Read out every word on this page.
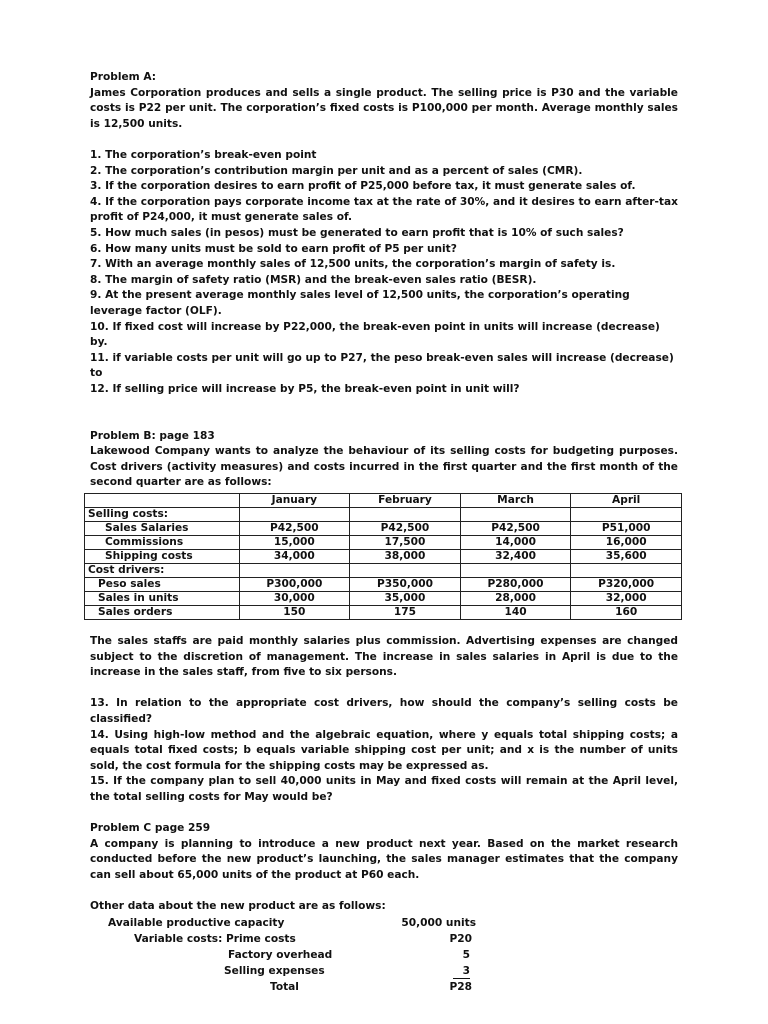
Problem A:

James Corporation produces and sells a single product. The selling price is P30 and the variable costs is P22 per unit. The corporation’s fixed costs is P100,000 per month. Average monthly sales is 12,500 units.

1. The corporation’s break-even point

2. The corporation’s contribution margin per unit and as a percent of sales (CMR).

3. If the corporation desires to earn profit of P25,000 before tax, it must generate sales of.

4. If the corporation pays corporate income tax at the rate of 30%, and it desires to earn after-tax profit of P24,000, it must generate sales of.

5. How much sales (in pesos) must be generated to earn profit that is 10% of such sales?

6. How many units must be sold to earn profit of P5 per unit?

7. With an average monthly sales of 12,500 units, the corporation’s margin of safety is.

8. The margin of safety ratio (MSR) and the break-even sales ratio (BESR).

9. At the present average monthly sales level of 12,500 units, the corporation’s operating leverage factor (OLF).

10. If fixed cost will increase by P22,000, the break-even point in units will increase (decrease) by.

11. if variable costs per unit will go up to P27, the peso break-even sales will increase (decrease) to

12. If selling price will increase by P5, the break-even point in unit will?

Problem B: page 183

Lakewood Company wants to analyze the behaviour of its selling costs for budgeting purposes. Cost drivers (activity measures) and costs incurred in the first quarter and the first month of the second quarter are as follows:

	January	February	March	April
Selling costs:				
Sales Salaries	P42,500	P42,500	P42,500	P51,000
Commissions	15,000	17,500	14,000	16,000
Shipping costs	34,000	38,000	32,400	35,600
Cost drivers:				
Peso sales	P300,000	P350,000	P280,000	P320,000
Sales in units	30,000	35,000	28,000	32,000
Sales orders	150	175	140	160

The sales staffs are paid monthly salaries plus commission. Advertising expenses are changed subject to the discretion of management. The increase in sales salaries in April is due to the increase in the sales staff, from five to six persons.

13. In relation to the appropriate cost drivers, how should the company’s selling costs be classified?

14. Using high-low method and the algebraic equation, where y equals total shipping costs; a equals total fixed costs; b equals variable shipping cost per unit; and x is the number of units sold, the cost formula for the shipping costs may be expressed as.

15. If the company plan to sell 40,000 units in May and fixed costs will remain at the April level, the total selling costs for May would be?

Problem C page 259

A company is planning to introduce a new product next year. Based on the market research conducted before the new product’s launching, the sales manager estimates that the company can sell about 65,000 units of the product at P60 each.

Other data about the new product are as follows:

Available productive capacity	50,000 units
Variable costs: Prime costs	P20
Factory overhead	5
Selling expenses	3
Total	P28
